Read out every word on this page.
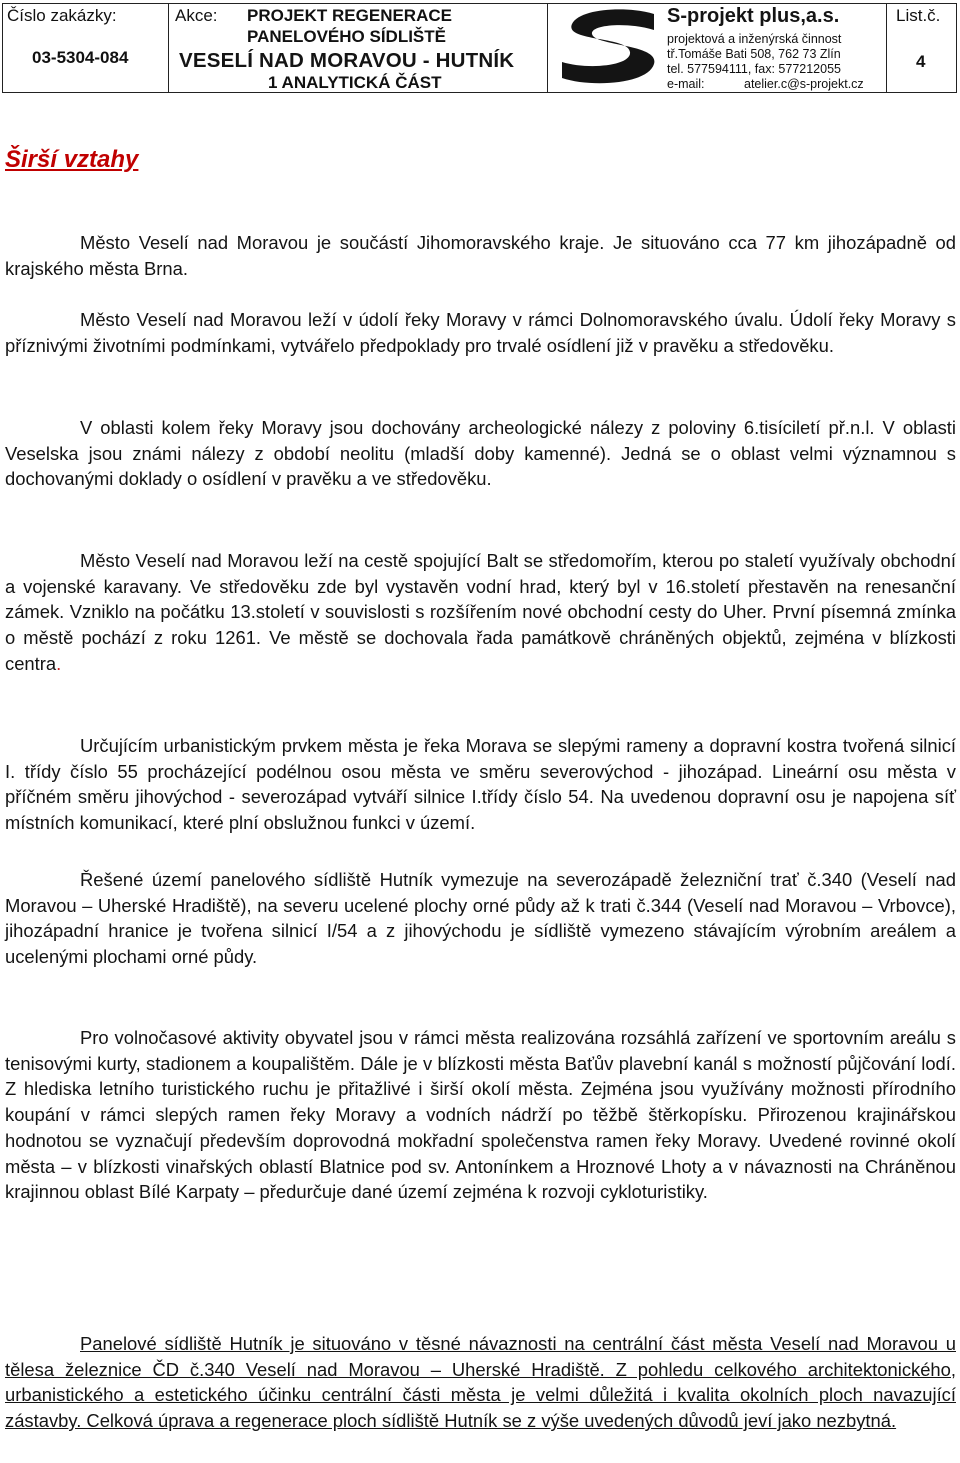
Číslo zakázky:
03-5304-084
Akce: PROJEKT REGENERACE
PANELOVÉHO SÍDLIŠTĚ
VESELÍ NAD MORAVOU - HUTNÍK
1 ANALYTICKÁ ČÁST
S-projekt plus,a.s.
projektová a inženýrská činnost
tř.Tomáše Bati 508, 762 73 Zlín
tel. 577594111, fax: 577212055
e-mail:	atelier.c@s-projekt.cz
List.č.
4
Širší vztahy

Město Veselí nad Moravou je součástí Jihomoravského kraje. Je situováno cca 77 km jihozápadně od krajského města Brna.

Město Veselí nad Moravou leží v údolí řeky Moravy v rámci Dolnomoravského úvalu. Údolí řeky Moravy s příznivými životními podmínkami, vytvářelo předpoklady pro trvalé osídlení již v pravěku a středověku.

V oblasti kolem řeky Moravy jsou dochovány archeologické nálezy z poloviny 6.tisíciletí př.n.l. V oblasti Veselska jsou známi nálezy z období neolitu (mladší doby kamenné). Jedná se o oblast velmi významnou s dochovanými doklady o osídlení v pravěku a ve středověku.

Město Veselí nad Moravou leží na cestě spojující Balt se středomořím, kterou po staletí využívaly obchodní a vojenské karavany. Ve středověku zde byl vystavěn vodní hrad, který byl v 16.století přestavěn na renesanční zámek. Vzniklo na počátku 13.století v souvislosti s rozšířením nové obchodní cesty do Uher. První písemná zmínka o městě pochází z roku 1261. Ve městě se dochovala řada památkově chráněných objektů, zejména v blízkosti centra.

Určujícím urbanistickým prvkem města je řeka Morava se slepými rameny a dopravní kostra tvořená silnicí I. třídy číslo 55 procházející podélnou osou města ve směru severovýchod - jihozápad. Lineární osu města v příčném směru jihovýchod - severozápad vytváří silnice I.třídy číslo 54. Na uvedenou dopravní osu je napojena síť místních komunikací, které plní obslužnou funkci v území.

Řešené území panelového sídliště Hutník vymezuje na severozápadě železniční trať č.340 (Veselí nad Moravou – Uherské Hradiště), na severu ucelené plochy orné půdy až k trati č.344 (Veselí nad Moravou – Vrbovce), jihozápadní hranice je tvořena silnicí I/54 a z jihovýchodu je sídliště vymezeno stávajícím výrobním areálem a ucelenými plochami orné půdy.

Pro volnočasové aktivity obyvatel jsou v rámci města realizována rozsáhlá zařízení ve sportovním areálu s tenisovými kurty, stadionem a koupalištěm. Dále je v blízkosti města Baťův plavební kanál s možností půjčování lodí. Z hlediska letního turistického ruchu je přitažlivé i širší okolí města. Zejména jsou využívány možnosti přírodního koupání v rámci slepých ramen řeky Moravy a vodních nádrží po těžbě štěrkopísku. Přirozenou krajinářskou hodnotou se vyznačují především doprovodná mokřadní společenstva ramen řeky Moravy. Uvedené rovinné okolí města – v blízkosti vinařských oblastí Blatnice pod sv. Antonínkem a Hroznové Lhoty a v návaznosti na Chráněnou krajinnou oblast Bílé Karpaty – předurčuje dané území zejména k rozvoji cykloturistiky.

Panelové sídliště Hutník je situováno v těsné návaznosti na centrální část města Veselí nad Moravou u tělesa železnice ČD č.340 Veselí nad Moravou – Uherské Hradiště. Z pohledu celkového architektonického, urbanistického a estetického účinku centrální části města je velmi důležitá i kvalita okolních ploch navazující zástavby. Celková úprava a regenerace ploch sídliště Hutník se z výše uvedených důvodů jeví jako nezbytná.
